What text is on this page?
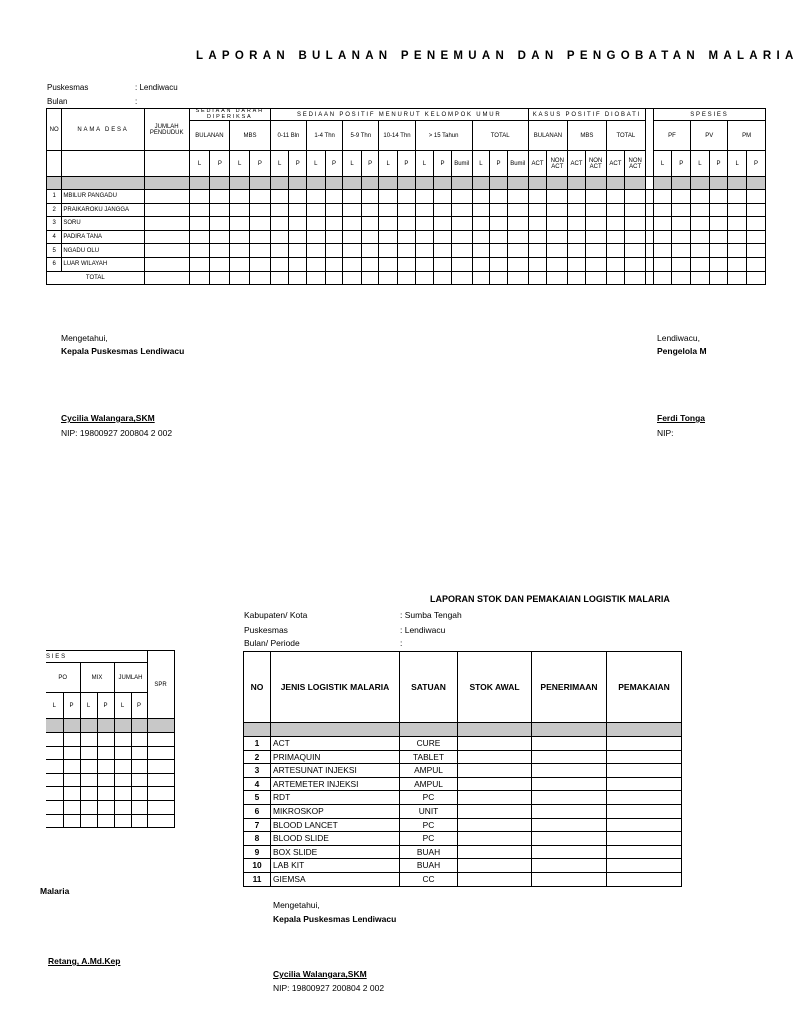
LAPORAN BULANAN PENEMUAN DAN PENGOBATAN MALARIA
Puskesmas	: Lendiwacu
Bulan	:
NO	NAMA DESA	JUMLAH PENDUDUK	SEDIAAN DARAH DIPERIKSA				SEDIAAN POSITIF MENURUT KELOMPOK UMUR														KASUS POSITIF DIOBATI							SPESIES					
			BULANAN		MBS		0-11 Bln		1-4 Thn		5-9 Thn		10-14 Thn		> 15 Tahun			TOTAL			BULANAN		MBS		TOTAL			PF		PV		PM	
			L	P	L	P	L	P	L	P	L	P	L	P	L	P	Bumil	L	P	Bumil	ACT	NON ACT	ACT	NON ACT	ACT	NON ACT		L	P	L	P	L	P

1	MBILUR PANGADU																																
2	PRAIKAROKU JANGGA																																
3	SORU																																
4	PADIRA TANA																																
5	NGADU OLU																																
6	LUAR WILAYAH																																
TOTAL																																	
Mengetahui,
Kepala Puskesmas Lendiwacu
Cycilia Walangara,SKM
NIP: 19800927 200804 2 002
Lendiwacu,
Pengelola M
Ferdi Tonga
NIP:
SIES						SPR
PO		MIX		JUMLAH		
L	P	L	P	L	P	

Malaria
Retang, A.Md.Kep
LAPORAN STOK DAN PEMAKAIAN LOGISTIK MALARIA
Kabupaten/ Kota	: Sumba Tengah
Puskesmas	: Lendiwacu
Bulan/ Periode	:
NO	JENIS LOGISTIK MALARIA	SATUAN	STOK AWAL	PENERIMAAN	PEMAKAIAN

1	ACT	CURE			
2	PRIMAQUIN	TABLET			
3	ARTESUNAT INJEKSI	AMPUL			
4	ARTEMETER INJEKSI	AMPUL			
5	RDT	PC			
6	MIKROSKOP	UNIT			
7	BLOOD LANCET	PC			
8	BLOOD SLIDE	PC			
9	BOX SLIDE	BUAH			
10	LAB KIT	BUAH			
11	GIEMSA	CC			
Mengetahui,
Kepala Puskesmas Lendiwacu
Cycilia Walangara,SKM
NIP: 19800927 200804 2 002
